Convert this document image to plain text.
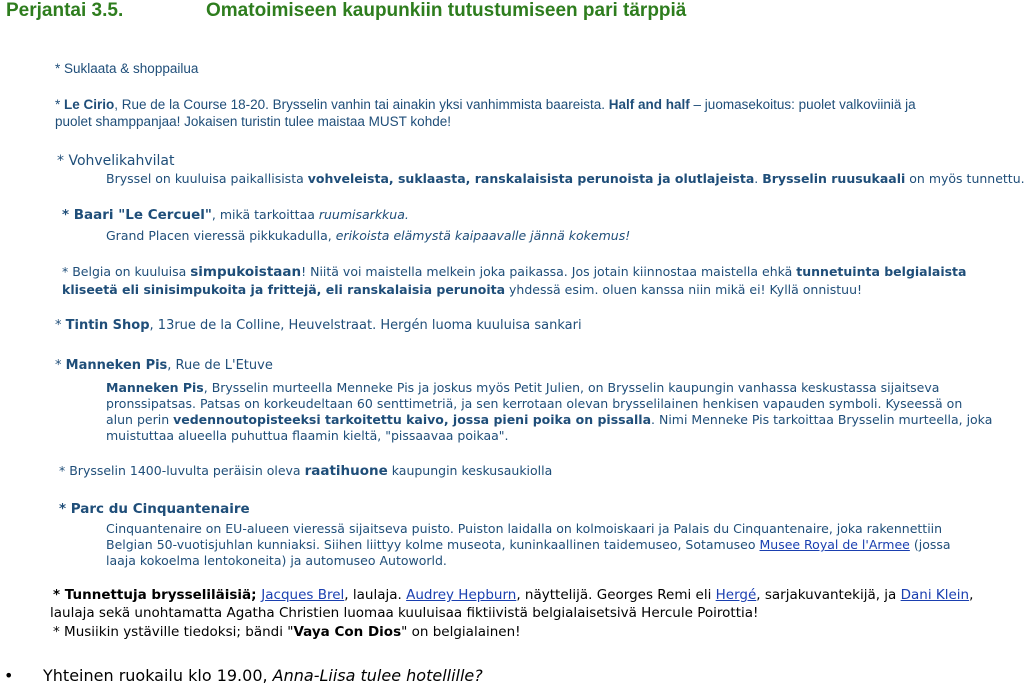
Perjantai 3.5.	Omatoimiseen kaupunkiin tutustumiseen pari tärppiä
* Suklaata & shoppailua
* Le Cirio, Rue de la Course 18-20. Brysselin vanhin tai ainakin yksi vanhimmista baareista. Half and half – juomasekoitus: puolet valkoviiniä ja
puolet shamppanjaa! Jokaisen turistin tulee maistaa MUST kohde!
* Vohvelikahvilat
Bryssel on kuuluisa paikallisista vohveleista, suklaasta, ranskalaisista perunoista ja olutlajeista. Brysselin ruusukaali on myös tunnettu.
* Baari "Le Cercuel", mikä tarkoittaa ruumisarkkua.
Grand Placen vieressä pikkukadulla, erikoista elämystä kaipaavalle jännä kokemus!
* Belgia on kuuluisa simpukoistaan! Niitä voi maistella melkein joka paikassa. Jos jotain kiinnostaa maistella ehkä tunnetuinta belgialaista
kliseetä eli sinisimpukoita ja frittejä, eli ranskalaisia perunoita yhdessä esim. oluen kanssa niin mikä ei! Kyllä onnistuu!
* Tintin Shop, 13rue de la Colline, Heuvelstraat. Hergén luoma kuuluisa sankari
* Manneken Pis, Rue de L'Etuve
Manneken Pis, Brysselin murteella Menneke Pis ja joskus myös Petit Julien, on Brysselin kaupungin vanhassa keskustassa sijaitseva
pronssipatsas. Patsas on korkeudeltaan 60 senttimetriä, ja sen kerrotaan olevan brysselilainen henkisen vapauden symboli. Kyseessä on
alun perin vedennoutopisteeksi tarkoitettu kaivo, jossa pieni poika on pissalla. Nimi Menneke Pis tarkoittaa Brysselin murteella, joka
muistuttaa alueella puhuttua flaamin kieltä, "pissaavaa poikaa".
* Brysselin 1400-luvulta peräisin oleva raatihuone kaupungin keskusaukiolla
* Parc du Cinquantenaire
Cinquantenaire on EU-alueen vieressä sijaitseva puisto. Puiston laidalla on kolmoiskaari ja Palais du Cinquantenaire, joka rakennettiin
Belgian 50-vuotisjuhlan kunniaksi. Siihen liittyy kolme museota, kuninkaallinen taidemuseo, Sotamuseo Musee Royal de l'Armee (jossa
laaja kokoelma lentokoneita) ja automuseo Autoworld.
* Tunnettuja brysseliläisiä; Jacques Brel, laulaja. Audrey Hepburn, näyttelijä. Georges Remi eli Hergé, sarjakuvantekijä, ja Dani Klein,
laulaja sekä unohtamatta Agatha Christien luomaa kuuluisaa fiktiivistä belgialaisetsivä Hercule Poirottia!
* Musiikin ystäville tiedoksi; bändi "Vaya Con Dios" on belgialainen!
• Yhteinen ruokailu klo 19.00, Anna-Liisa tulee hotellille?
